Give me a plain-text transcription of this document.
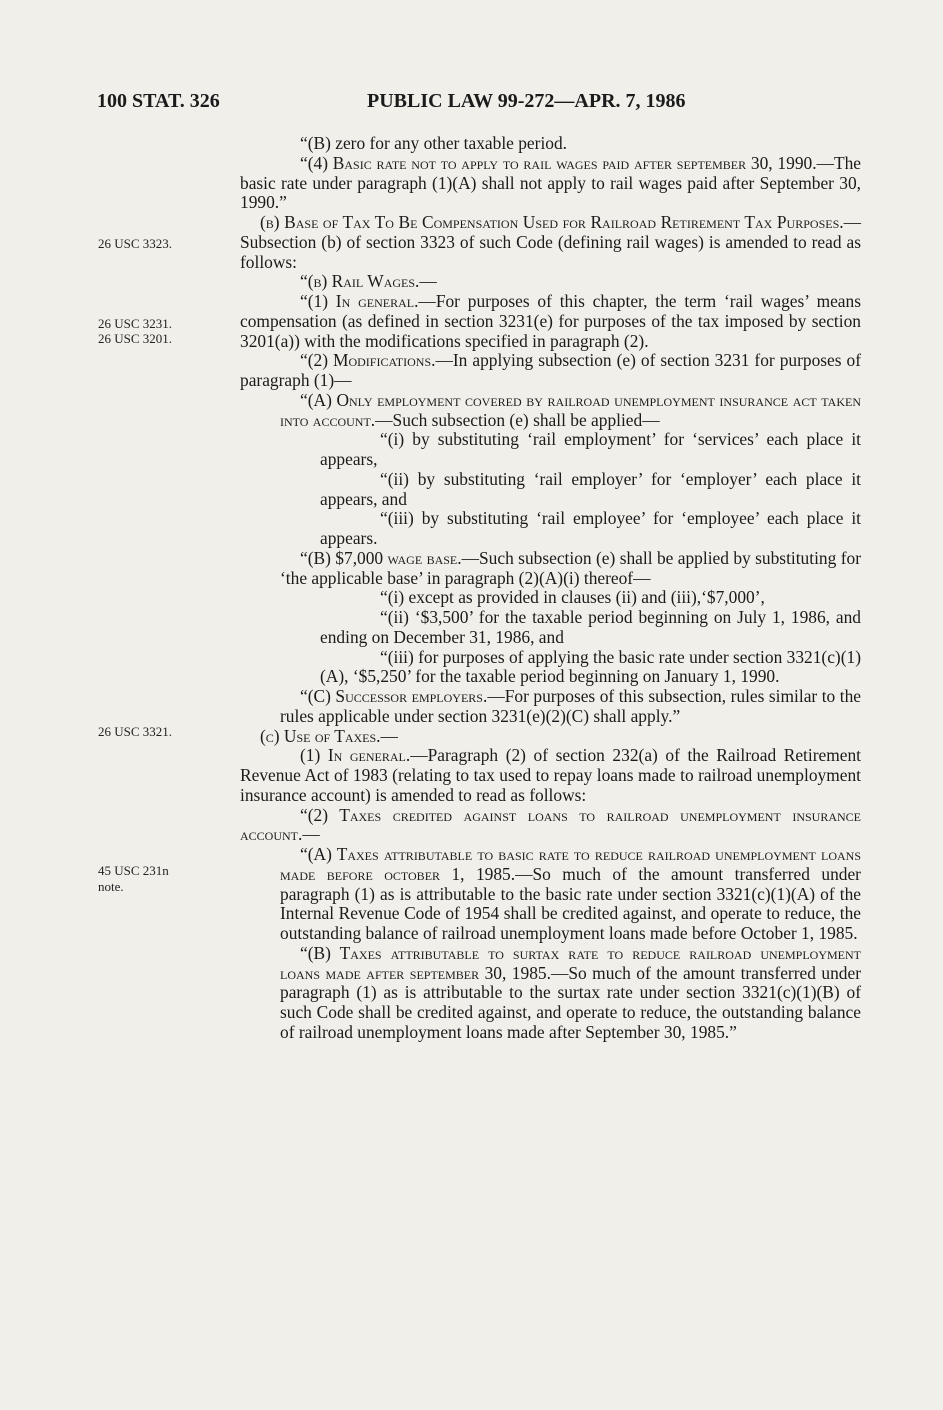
100 STAT. 326	PUBLIC LAW 99-272—APR. 7, 1986
26 USC 3323.
26 USC 3231.
26 USC 3201.
26 USC 3321.
45 USC 231n
note.

“(B) zero for any other taxable period.

“(4) Basic rate not to apply to rail wages paid after september 30, 1990.—The basic rate under paragraph (1)(A) shall not apply to rail wages paid after September 30, 1990.”

(b) Base of Tax To Be Compensation Used for Railroad Retirement Tax Purposes.—Subsection (b) of section 3323 of such Code (defining rail wages) is amended to read as follows:

“(b) Rail Wages.—

“(1) In general.—For purposes of this chapter, the term ‘rail wages’ means compensation (as defined in section 3231(e) for purposes of the tax imposed by section 3201(a)) with the modifications specified in paragraph (2).

“(2) Modifications.—In applying subsection (e) of section 3231 for purposes of paragraph (1)—

“(A) Only employment covered by railroad unemployment insurance act taken into account.—Such subsection (e) shall be applied—

“(i) by substituting ‘rail employment’ for ‘services’ each place it appears,

“(ii) by substituting ‘rail employer’ for ‘employer’ each place it appears, and

“(iii) by substituting ‘rail employee’ for ‘employee’ each place it appears.

“(B) $7,000 wage base.—Such subsection (e) shall be applied by substituting for ‘the applicable base’ in paragraph (2)(A)(i) thereof—

“(i) except as provided in clauses (ii) and (iii),‘$7,000’,

“(ii) ‘$3,500’ for the taxable period beginning on July 1, 1986, and ending on December 31, 1986, and

“(iii) for purposes of applying the basic rate under section 3321(c)(1)(A), ‘$5,250’ for the taxable period beginning on January 1, 1990.

“(C) Successor employers.—For purposes of this subsection, rules similar to the rules applicable under section 3231(e)(2)(C) shall apply.”

(c) Use of Taxes.—

(1) In general.—Paragraph (2) of section 232(a) of the Railroad Retirement Revenue Act of 1983 (relating to tax used to repay loans made to railroad unemployment insurance account) is amended to read as follows:

“(2) Taxes credited against loans to railroad unemployment insurance account.—

“(A) Taxes attributable to basic rate to reduce railroad unemployment loans made before october 1, 1985.—So much of the amount transferred under paragraph (1) as is attributable to the basic rate under section 3321(c)(1)(A) of the Internal Revenue Code of 1954 shall be credited against, and operate to reduce, the outstanding balance of railroad unemployment loans made before October 1, 1985.

“(B) Taxes attributable to surtax rate to reduce railroad unemployment loans made after september 30, 1985.—So much of the amount transferred under paragraph (1) as is attributable to the surtax rate under section 3321(c)(1)(B) of such Code shall be credited against, and operate to reduce, the outstanding balance of railroad unemployment loans made after September 30, 1985.”
